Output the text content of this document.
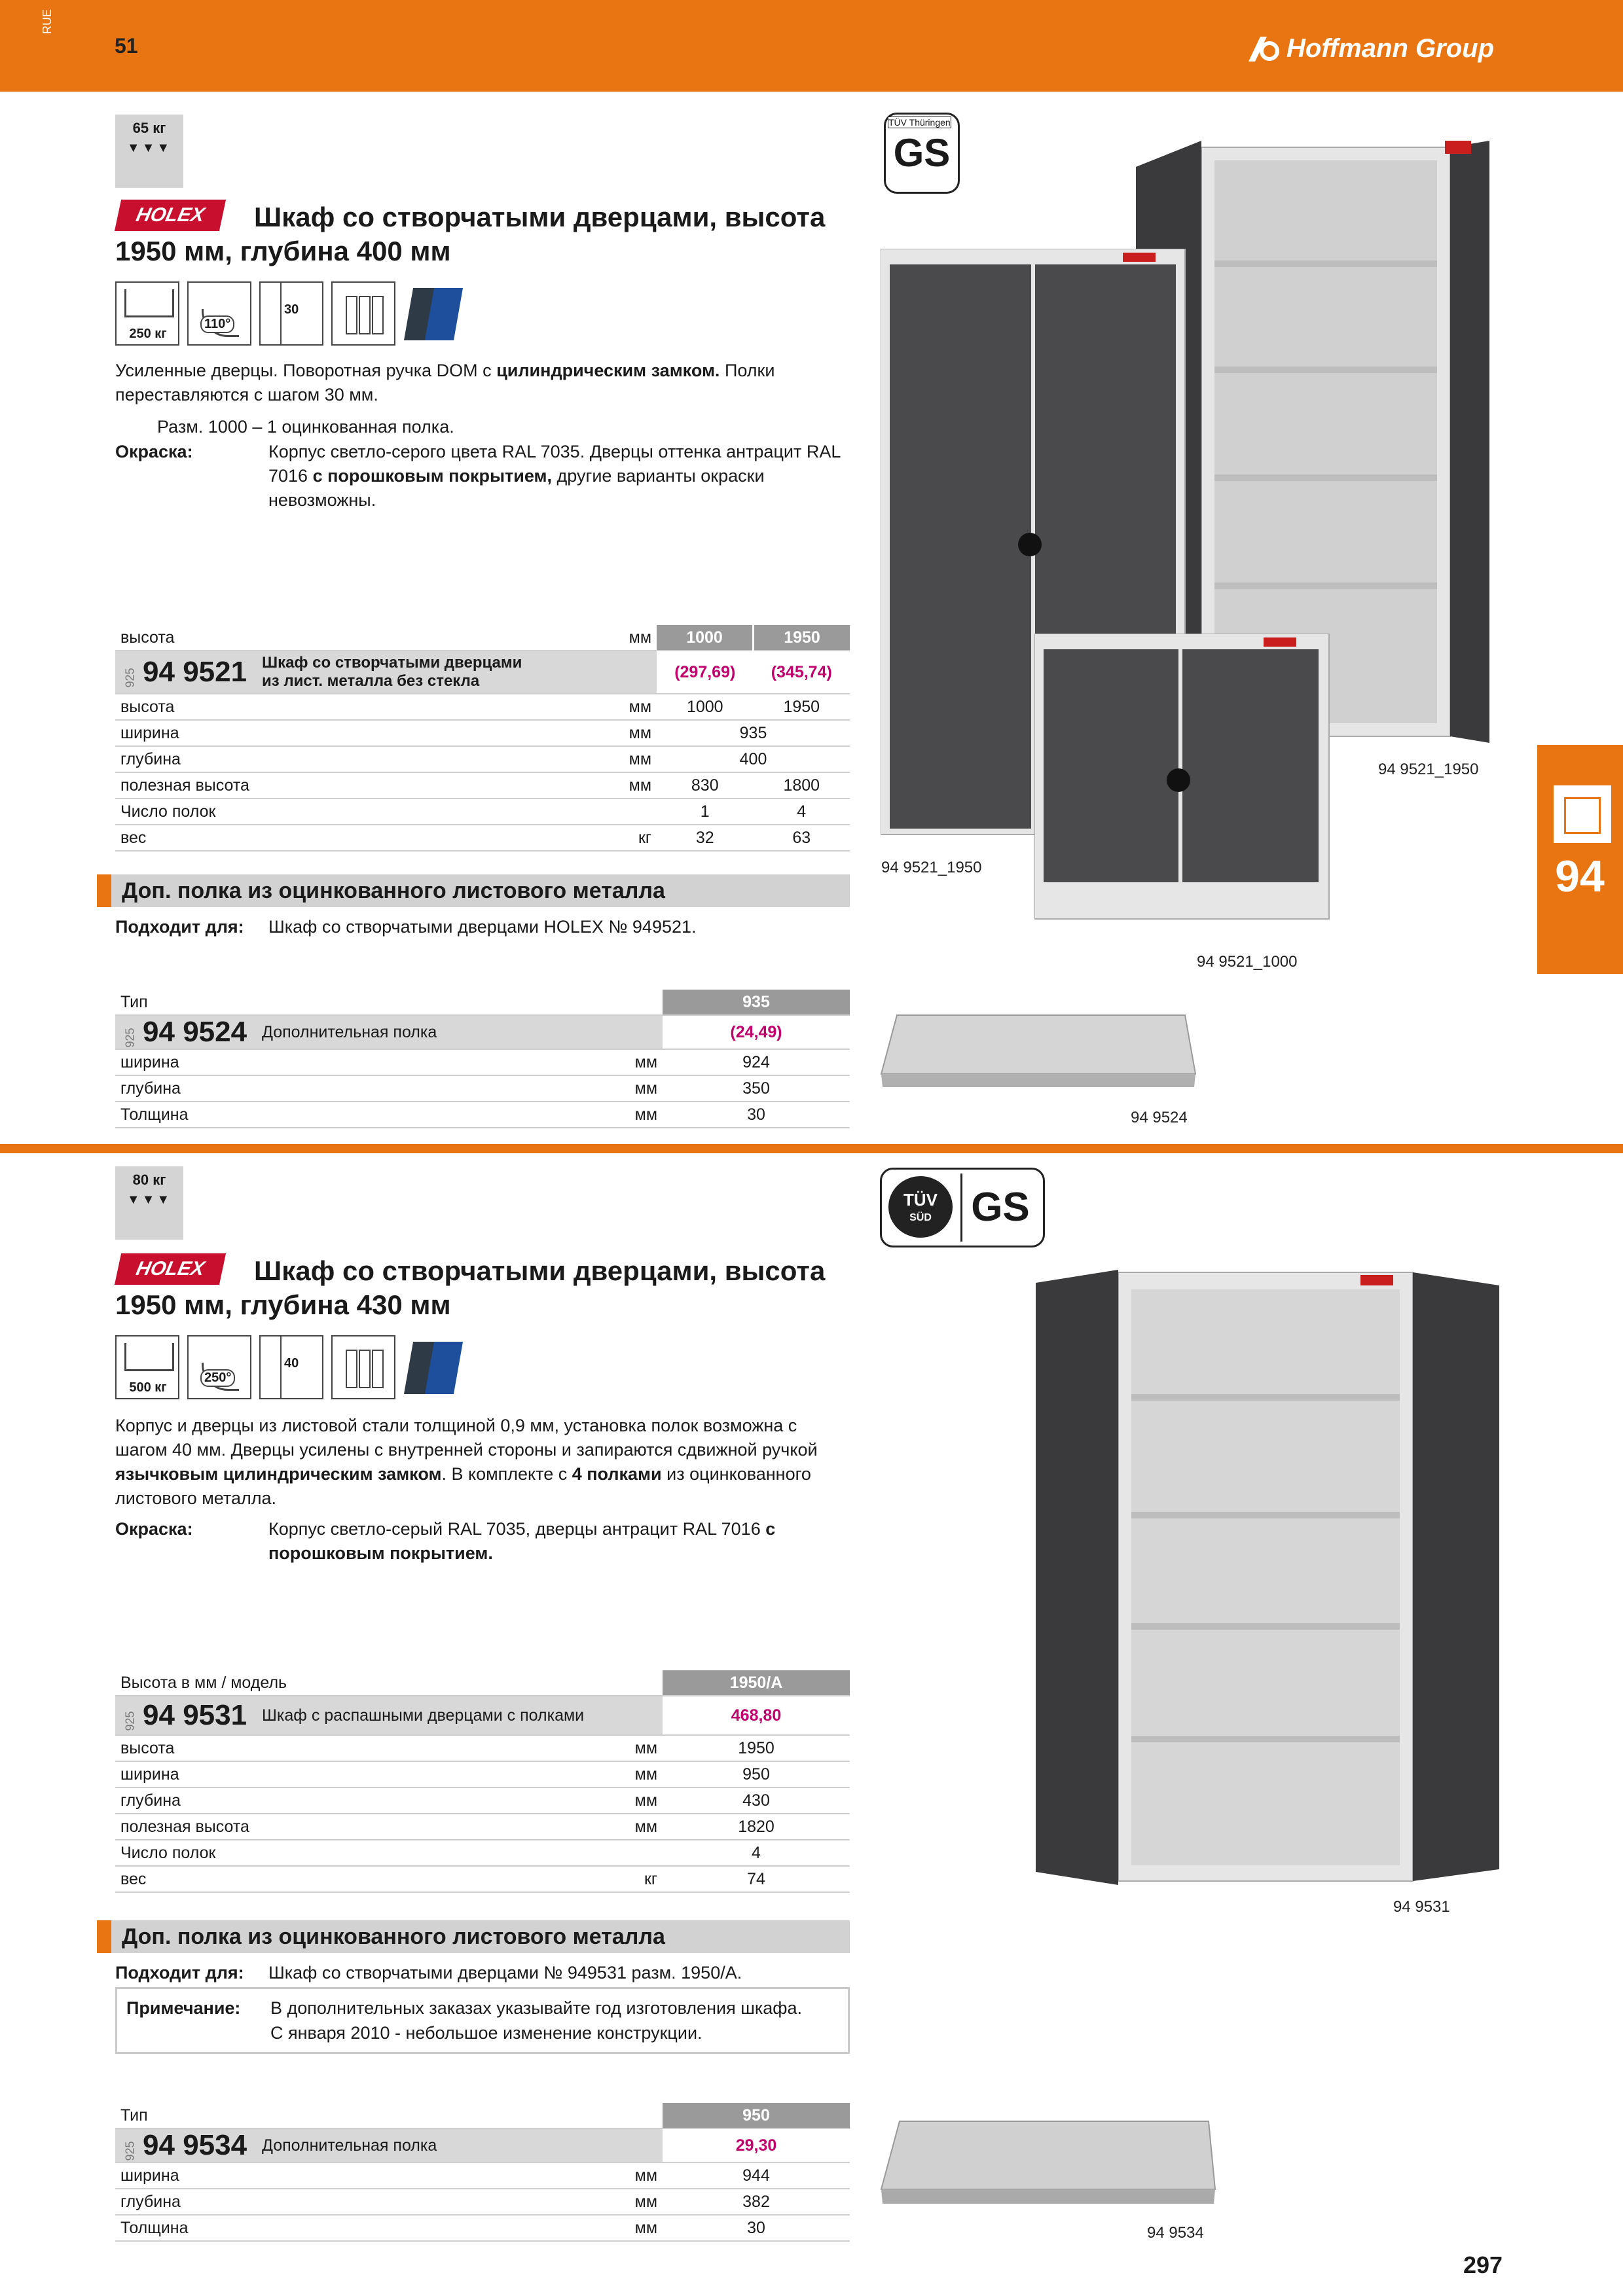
RUE
51	Hoffmann Group
94
65 кг
▼▼▼
HOLEX	Шкаф со створчатыми дверцами, высота
1950 мм, глубина 400 мм
250 кг
110°
30
Усиленные дверцы. Поворотная ручка DOM с цилиндрическим замком. Полки переставляются с шагом 30 мм.
Разм. 1000 – 1 оцинкованная полка.
Окраска:	Корпус светло-серого цвета RAL 7035. Дверцы оттенка антрацит RAL 7016 с порошковым покрытием, другие варианты окраски невозможны.
высота		мм	1000	1950
925 94 9521	Шкаф со створчатыми дверцами
из лист. металла без стекла		(297,69)	(345,74)
высота		мм	1000	1950
ширина		мм	935	
глубина		мм	400	
полезная высота		мм	830	1800
Число полок			1	4
вес		кг	32	63
Доп. полка из оцинкованного листового металла
Подходит для: Шкаф со створчатыми дверцами HOLEX № 949521.
Тип			935
925 94 9524	Дополнительная полка		(24,49)
ширина		мм	924
глубина		мм	350
Толщина		мм	30
GS
TÜV Thüringen
94 9521_1950
94 9521_1950
94 9521_1000
94 9524
80 кг
▼▼▼
HOLEX	Шкаф со створчатыми дверцами, высота
1950 мм, глубина 430 мм
500 кг
250°
40
Корпус и дверцы из листовой стали толщиной 0,9 мм, установка полок возможна с шагом 40 мм. Дверцы усилены с внутренней стороны и запираются сдвижной ручкой язычковым цилиндрическим замком. В комплекте с 4 полками из оцинкованного листового металла.
Окраска:	Корпус светло-серый RAL 7035, дверцы антрацит RAL 7016 с порошковым покрытием.
Высота в мм / модель			1950/A
925 94 9531	Шкаф с распашными дверцами с полками		468,80
высота		мм	1950
ширина		мм	950
глубина		мм	430
полезная высота		мм	1820
Число полок			4
вес		кг	74
Доп. полка из оцинкованного листового металла
Подходит для: Шкаф со створчатыми дверцами № 949531 разм. 1950/A.
Примечание: В дополнительных заказах указывайте год изготовления шкафа.
С января 2010 - небольшое изменение конструкции.
Тип			950
925 94 9534	Дополнительная полка		29,30
ширина		мм	944
глубина		мм	382
Толщина		мм	30
TÜV
SÜD GS
94 9531
94 9534
297
